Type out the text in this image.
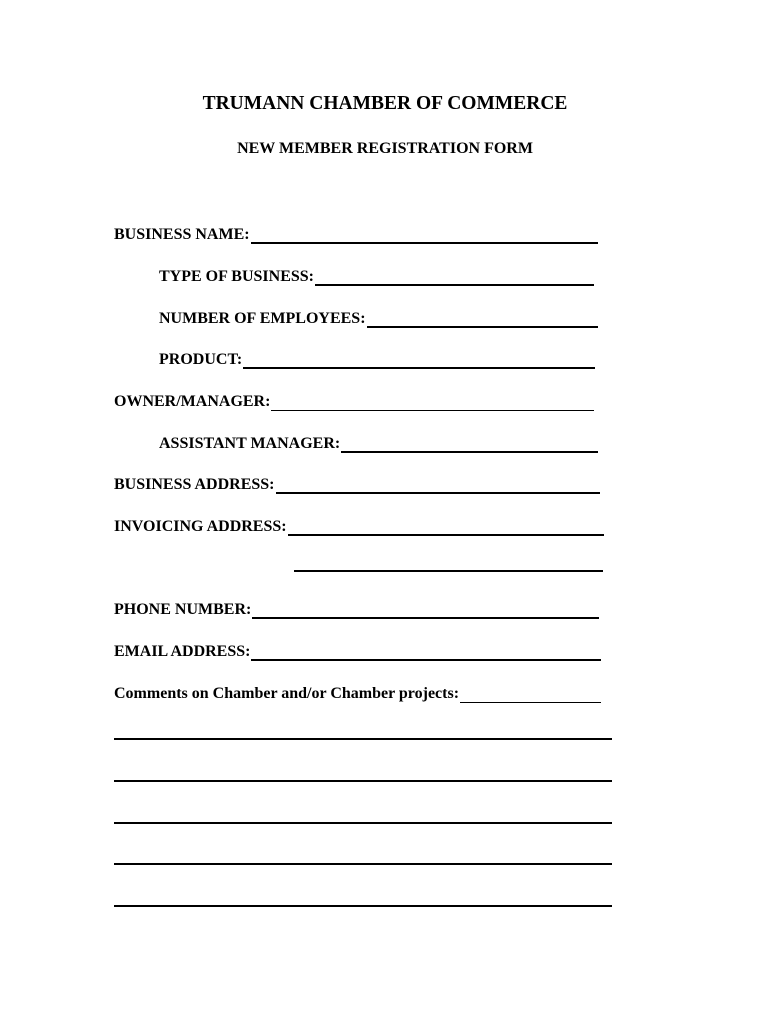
TRUMANN CHAMBER OF COMMERCE
NEW MEMBER REGISTRATION FORM
BUSINESS NAME:
TYPE OF BUSINESS:
NUMBER OF EMPLOYEES:
PRODUCT:
OWNER/MANAGER:
ASSISTANT MANAGER:
BUSINESS ADDRESS:
INVOICING ADDRESS:
PHONE NUMBER:
EMAIL ADDRESS:
Comments on Chamber and/or Chamber projects:
